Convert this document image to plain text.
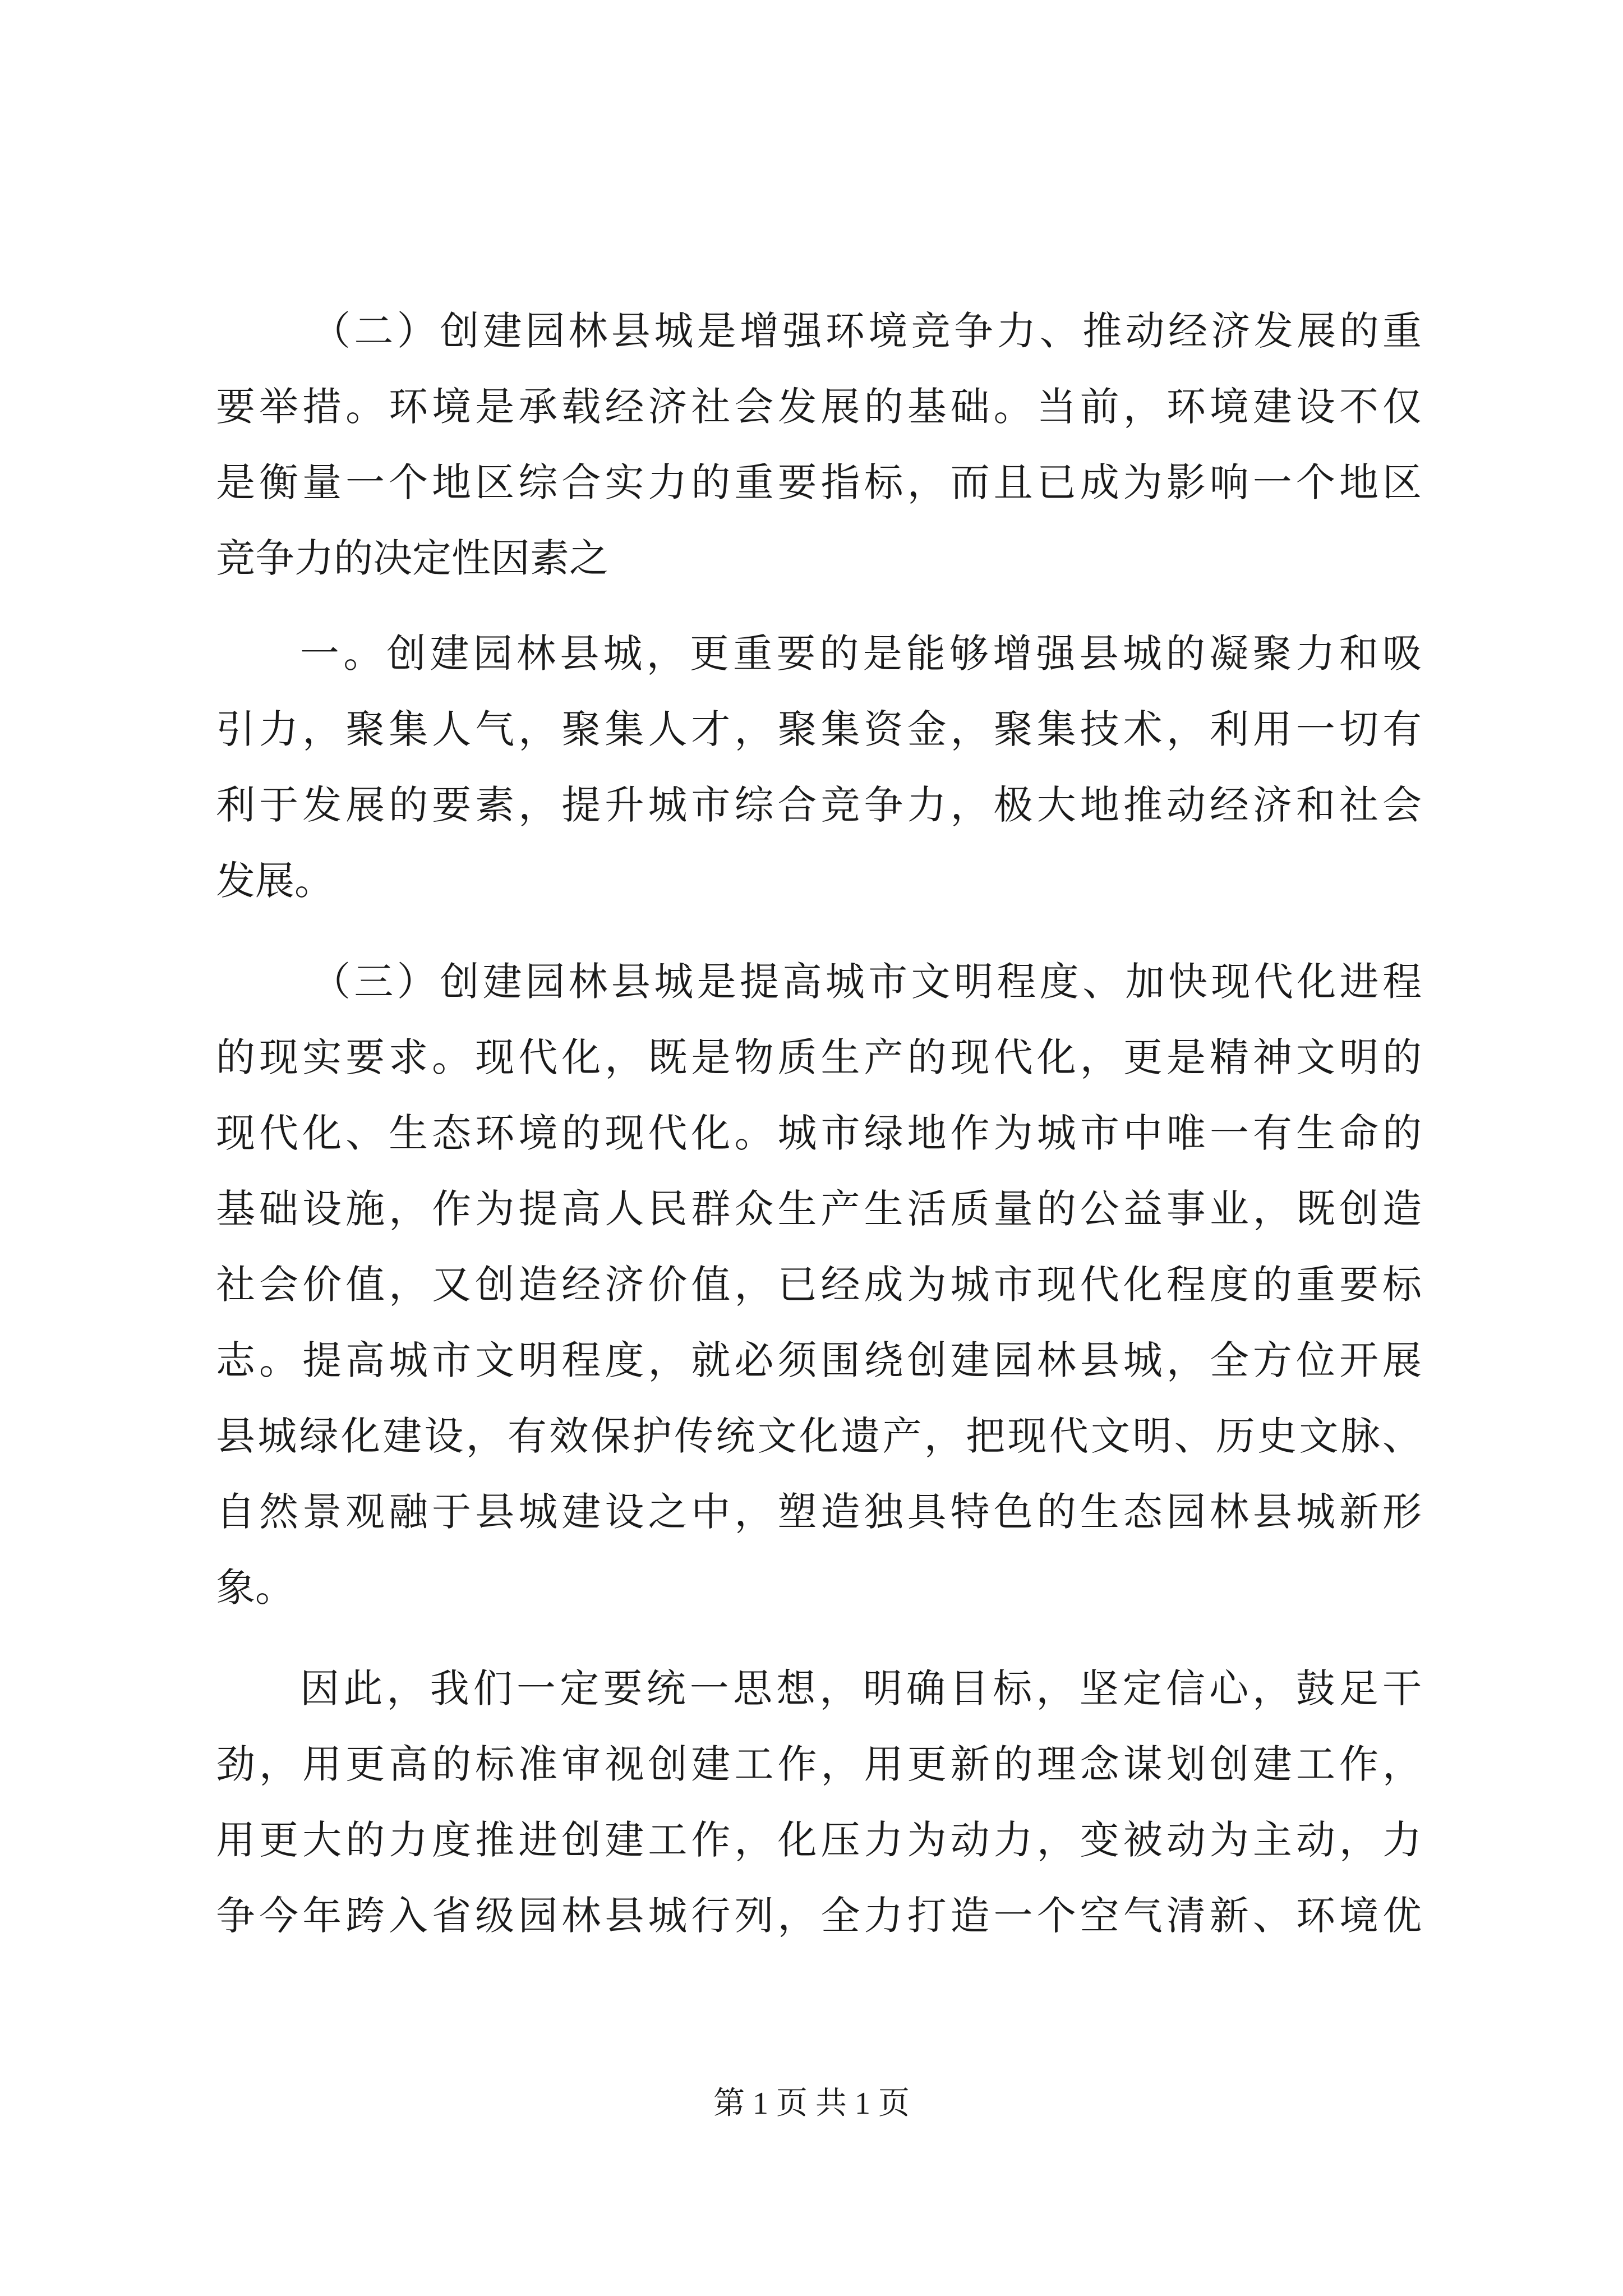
（二）创建园林县城是增强环境竞争力、推动经济发展的重
要举措。环境是承载经济社会发展的基础。当前，环境建设不仅
是衡量一个地区综合实力的重要指标，而且已成为影响一个地区
竞争力的决定性因素之
一。创建园林县城，更重要的是能够增强县城的凝聚力和吸
引力，聚集人气，聚集人才，聚集资金，聚集技术，利用一切有
利于发展的要素，提升城市综合竞争力，极大地推动经济和社会
发展。
（三）创建园林县城是提高城市文明程度、加快现代化进程
的现实要求。现代化，既是物质生产的现代化，更是精神文明的
现代化、生态环境的现代化。城市绿地作为城市中唯一有生命的
基础设施，作为提高人民群众生产生活质量的公益事业，既创造
社会价值，又创造经济价值，已经成为城市现代化程度的重要标
志。提高城市文明程度，就必须围绕创建园林县城，全方位开展
县城绿化建设，有效保护传统文化遗产，把现代文明、历史文脉、
自然景观融于县城建设之中，塑造独具特色的生态园林县城新形
象。
因此，我们一定要统一思想，明确目标，坚定信心，鼓足干
劲，用更高的标准审视创建工作，用更新的理念谋划创建工作，
用更大的力度推进创建工作，化压力为动力，变被动为主动，力
争今年跨入省级园林县城行列，全力打造一个空气清新、环境优
第 1 页 共 1 页
